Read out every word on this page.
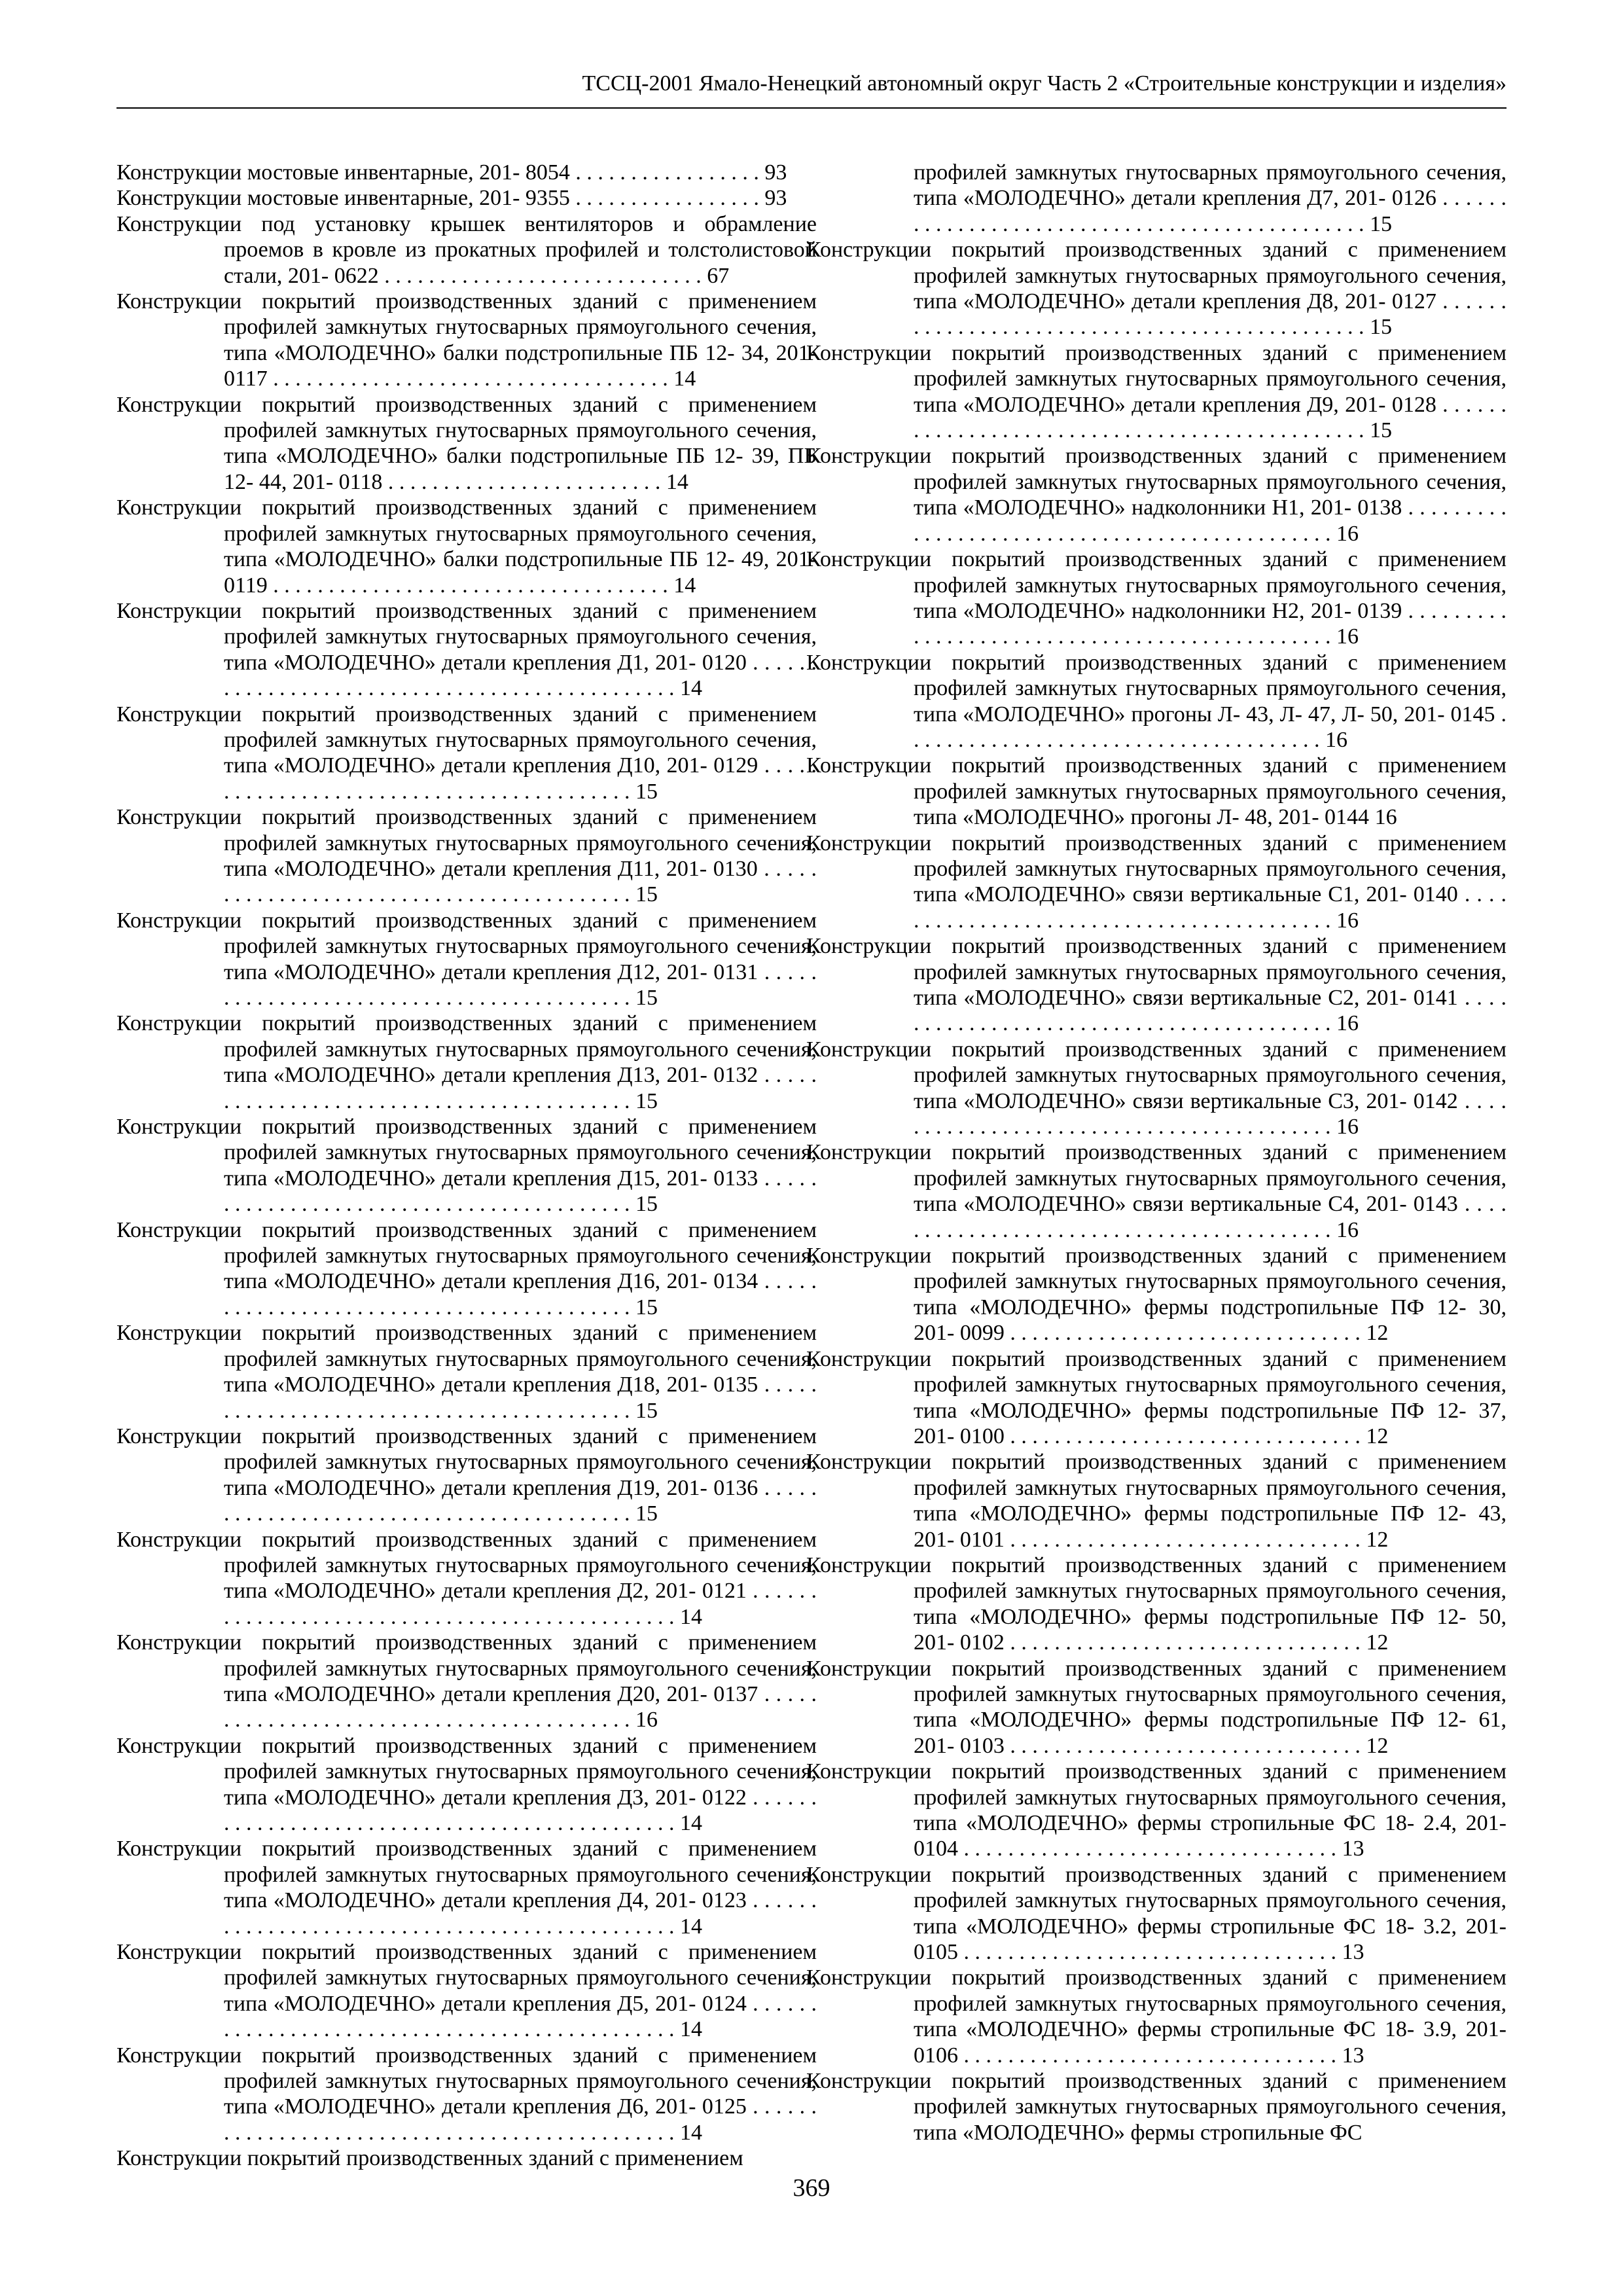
ТССЦ-2001 Ямало-Ненецкий автономный округ Часть 2 «Строительные конструкции и изделия»

Конструкции мостовые инвентарные, 201- 8054 . . . . . . . . . . . . . . . . . 93

Конструкции мостовые инвентарные, 201- 9355 . . . . . . . . . . . . . . . . . 93

Конструкции под установку крышек вентиляторов и обрамление проемов в кровле из прокатных профилей и толстолистовой стали, 201- 0622 . . . . . . . . . . . . . . . . . . . . . . . . . . . . . 67

Конструкции покрытий производственных зданий с применением профилей замкнутых гнутосварных прямоугольного сечения, типа «МОЛОДЕЧНО» балки подстропильные ПБ 12- 34, 201- 0117 . . . . . . . . . . . . . . . . . . . . . . . . . . . . . . . . . . . . 14

Конструкции покрытий производственных зданий с применением профилей замкнутых гнутосварных прямоугольного сечения, типа «МОЛОДЕЧНО» балки подстропильные ПБ 12- 39, ПБ 12- 44, 201- 0118 . . . . . . . . . . . . . . . . . . . . . . . . . 14

Конструкции покрытий производственных зданий с применением профилей замкнутых гнутосварных прямоугольного сечения, типа «МОЛОДЕЧНО» балки подстропильные ПБ 12- 49, 201- 0119 . . . . . . . . . . . . . . . . . . . . . . . . . . . . . . . . . . . . 14

Конструкции покрытий производственных зданий с применением профилей замкнутых гнутосварных прямоугольного сечения, типа «МОЛОДЕЧНО» детали крепления Д1, 201- 0120 . . . . . . . . . . . . . . . . . . . . . . . . . . . . . . . . . . . . . . . . . . . . . . . 14

Конструкции покрытий производственных зданий с применением профилей замкнутых гнутосварных прямоугольного сечения, типа «МОЛОДЕЧНО» детали крепления Д10, 201- 0129 . . . . . . . . . . . . . . . . . . . . . . . . . . . . . . . . . . . . . . . . . . 15

Конструкции покрытий производственных зданий с применением профилей замкнутых гнутосварных прямоугольного сечения, типа «МОЛОДЕЧНО» детали крепления Д11, 201- 0130 . . . . . . . . . . . . . . . . . . . . . . . . . . . . . . . . . . . . . . . . . . 15

Конструкции покрытий производственных зданий с применением профилей замкнутых гнутосварных прямоугольного сечения, типа «МОЛОДЕЧНО» детали крепления Д12, 201- 0131 . . . . . . . . . . . . . . . . . . . . . . . . . . . . . . . . . . . . . . . . . . 15

Конструкции покрытий производственных зданий с применением профилей замкнутых гнутосварных прямоугольного сечения, типа «МОЛОДЕЧНО» детали крепления Д13, 201- 0132 . . . . . . . . . . . . . . . . . . . . . . . . . . . . . . . . . . . . . . . . . . 15

Конструкции покрытий производственных зданий с применением профилей замкнутых гнутосварных прямоугольного сечения, типа «МОЛОДЕЧНО» детали крепления Д15, 201- 0133 . . . . . . . . . . . . . . . . . . . . . . . . . . . . . . . . . . . . . . . . . . 15

Конструкции покрытий производственных зданий с применением профилей замкнутых гнутосварных прямоугольного сечения, типа «МОЛОДЕЧНО» детали крепления Д16, 201- 0134 . . . . . . . . . . . . . . . . . . . . . . . . . . . . . . . . . . . . . . . . . . 15

Конструкции покрытий производственных зданий с применением профилей замкнутых гнутосварных прямоугольного сечения, типа «МОЛОДЕЧНО» детали крепления Д18, 201- 0135 . . . . . . . . . . . . . . . . . . . . . . . . . . . . . . . . . . . . . . . . . . 15

Конструкции покрытий производственных зданий с применением профилей замкнутых гнутосварных прямоугольного сечения, типа «МОЛОДЕЧНО» детали крепления Д19, 201- 0136 . . . . . . . . . . . . . . . . . . . . . . . . . . . . . . . . . . . . . . . . . . 15

Конструкции покрытий производственных зданий с применением профилей замкнутых гнутосварных прямоугольного сечения, типа «МОЛОДЕЧНО» детали крепления Д2, 201- 0121 . . . . . . . . . . . . . . . . . . . . . . . . . . . . . . . . . . . . . . . . . . . . . . . 14

Конструкции покрытий производственных зданий с применением профилей замкнутых гнутосварных прямоугольного сечения, типа «МОЛОДЕЧНО» детали крепления Д20, 201- 0137 . . . . . . . . . . . . . . . . . . . . . . . . . . . . . . . . . . . . . . . . . . 16

Конструкции покрытий производственных зданий с применением профилей замкнутых гнутосварных прямоугольного сечения, типа «МОЛОДЕЧНО» детали крепления Д3, 201- 0122 . . . . . . . . . . . . . . . . . . . . . . . . . . . . . . . . . . . . . . . . . . . . . . . 14

Конструкции покрытий производственных зданий с применением профилей замкнутых гнутосварных прямоугольного сечения, типа «МОЛОДЕЧНО» детали крепления Д4, 201- 0123 . . . . . . . . . . . . . . . . . . . . . . . . . . . . . . . . . . . . . . . . . . . . . . . 14

Конструкции покрытий производственных зданий с применением профилей замкнутых гнутосварных прямоугольного сечения, типа «МОЛОДЕЧНО» детали крепления Д5, 201- 0124 . . . . . . . . . . . . . . . . . . . . . . . . . . . . . . . . . . . . . . . . . . . . . . . 14

Конструкции покрытий производственных зданий с применением профилей замкнутых гнутосварных прямоугольного сечения, типа «МОЛОДЕЧНО» детали крепления Д6, 201- 0125 . . . . . . . . . . . . . . . . . . . . . . . . . . . . . . . . . . . . . . . . . . . . . . . 14

Конструкции покрытий производственных зданий с применением

профилей замкнутых гнутосварных прямоугольного сечения, типа «МОЛОДЕЧНО» детали крепления Д7, 201- 0126 . . . . . . . . . . . . . . . . . . . . . . . . . . . . . . . . . . . . . . . . . . . . . . . 15

Конструкции покрытий производственных зданий с применением профилей замкнутых гнутосварных прямоугольного сечения, типа «МОЛОДЕЧНО» детали крепления Д8, 201- 0127 . . . . . . . . . . . . . . . . . . . . . . . . . . . . . . . . . . . . . . . . . . . . . . . 15

Конструкции покрытий производственных зданий с применением профилей замкнутых гнутосварных прямоугольного сечения, типа «МОЛОДЕЧНО» детали крепления Д9, 201- 0128 . . . . . . . . . . . . . . . . . . . . . . . . . . . . . . . . . . . . . . . . . . . . . . . 15

Конструкции покрытий производственных зданий с применением профилей замкнутых гнутосварных прямоугольного сечения, типа «МОЛОДЕЧНО» надколонники Н1, 201- 0138 . . . . . . . . . . . . . . . . . . . . . . . . . . . . . . . . . . . . . . . . . . . . . . . 16

Конструкции покрытий производственных зданий с применением профилей замкнутых гнутосварных прямоугольного сечения, типа «МОЛОДЕЧНО» надколонники Н2, 201- 0139 . . . . . . . . . . . . . . . . . . . . . . . . . . . . . . . . . . . . . . . . . . . . . . . 16

Конструкции покрытий производственных зданий с применением профилей замкнутых гнутосварных прямоугольного сечения, типа «МОЛОДЕЧНО» прогоны Л- 43, Л- 47, Л- 50, 201- 0145 . . . . . . . . . . . . . . . . . . . . . . . . . . . . . . . . . . . . . . 16

Конструкции покрытий производственных зданий с применением профилей замкнутых гнутосварных прямоугольного сечения, типа «МОЛОДЕЧНО» прогоны Л- 48, 201- 0144 16

Конструкции покрытий производственных зданий с применением профилей замкнутых гнутосварных прямоугольного сечения, типа «МОЛОДЕЧНО» связи вертикальные С1, 201- 0140 . . . . . . . . . . . . . . . . . . . . . . . . . . . . . . . . . . . . . . . . . . 16

Конструкции покрытий производственных зданий с применением профилей замкнутых гнутосварных прямоугольного сечения, типа «МОЛОДЕЧНО» связи вертикальные С2, 201- 0141 . . . . . . . . . . . . . . . . . . . . . . . . . . . . . . . . . . . . . . . . . . 16

Конструкции покрытий производственных зданий с применением профилей замкнутых гнутосварных прямоугольного сечения, типа «МОЛОДЕЧНО» связи вертикальные С3, 201- 0142 . . . . . . . . . . . . . . . . . . . . . . . . . . . . . . . . . . . . . . . . . . 16

Конструкции покрытий производственных зданий с применением профилей замкнутых гнутосварных прямоугольного сечения, типа «МОЛОДЕЧНО» связи вертикальные С4, 201- 0143 . . . . . . . . . . . . . . . . . . . . . . . . . . . . . . . . . . . . . . . . . . 16

Конструкции покрытий производственных зданий с применением профилей замкнутых гнутосварных прямоугольного сечения, типа «МОЛОДЕЧНО» фермы подстропильные ПФ 12- 30, 201- 0099 . . . . . . . . . . . . . . . . . . . . . . . . . . . . . . . . 12

Конструкции покрытий производственных зданий с применением профилей замкнутых гнутосварных прямоугольного сечения, типа «МОЛОДЕЧНО» фермы подстропильные ПФ 12- 37, 201- 0100 . . . . . . . . . . . . . . . . . . . . . . . . . . . . . . . . 12

Конструкции покрытий производственных зданий с применением профилей замкнутых гнутосварных прямоугольного сечения, типа «МОЛОДЕЧНО» фермы подстропильные ПФ 12- 43, 201- 0101 . . . . . . . . . . . . . . . . . . . . . . . . . . . . . . . . 12

Конструкции покрытий производственных зданий с применением профилей замкнутых гнутосварных прямоугольного сечения, типа «МОЛОДЕЧНО» фермы подстропильные ПФ 12- 50, 201- 0102 . . . . . . . . . . . . . . . . . . . . . . . . . . . . . . . . 12

Конструкции покрытий производственных зданий с применением профилей замкнутых гнутосварных прямоугольного сечения, типа «МОЛОДЕЧНО» фермы подстропильные ПФ 12- 61, 201- 0103 . . . . . . . . . . . . . . . . . . . . . . . . . . . . . . . . 12

Конструкции покрытий производственных зданий с применением профилей замкнутых гнутосварных прямоугольного сечения, типа «МОЛОДЕЧНО» фермы стропильные ФС 18- 2.4, 201- 0104 . . . . . . . . . . . . . . . . . . . . . . . . . . . . . . . . . . 13

Конструкции покрытий производственных зданий с применением профилей замкнутых гнутосварных прямоугольного сечения, типа «МОЛОДЕЧНО» фермы стропильные ФС 18- 3.2, 201- 0105 . . . . . . . . . . . . . . . . . . . . . . . . . . . . . . . . . . 13

Конструкции покрытий производственных зданий с применением профилей замкнутых гнутосварных прямоугольного сечения, типа «МОЛОДЕЧНО» фермы стропильные ФС 18- 3.9, 201- 0106 . . . . . . . . . . . . . . . . . . . . . . . . . . . . . . . . . . 13

Конструкции покрытий производственных зданий с применением профилей замкнутых гнутосварных прямоугольного сечения, типа «МОЛОДЕЧНО» фермы стропильные ФС

369
